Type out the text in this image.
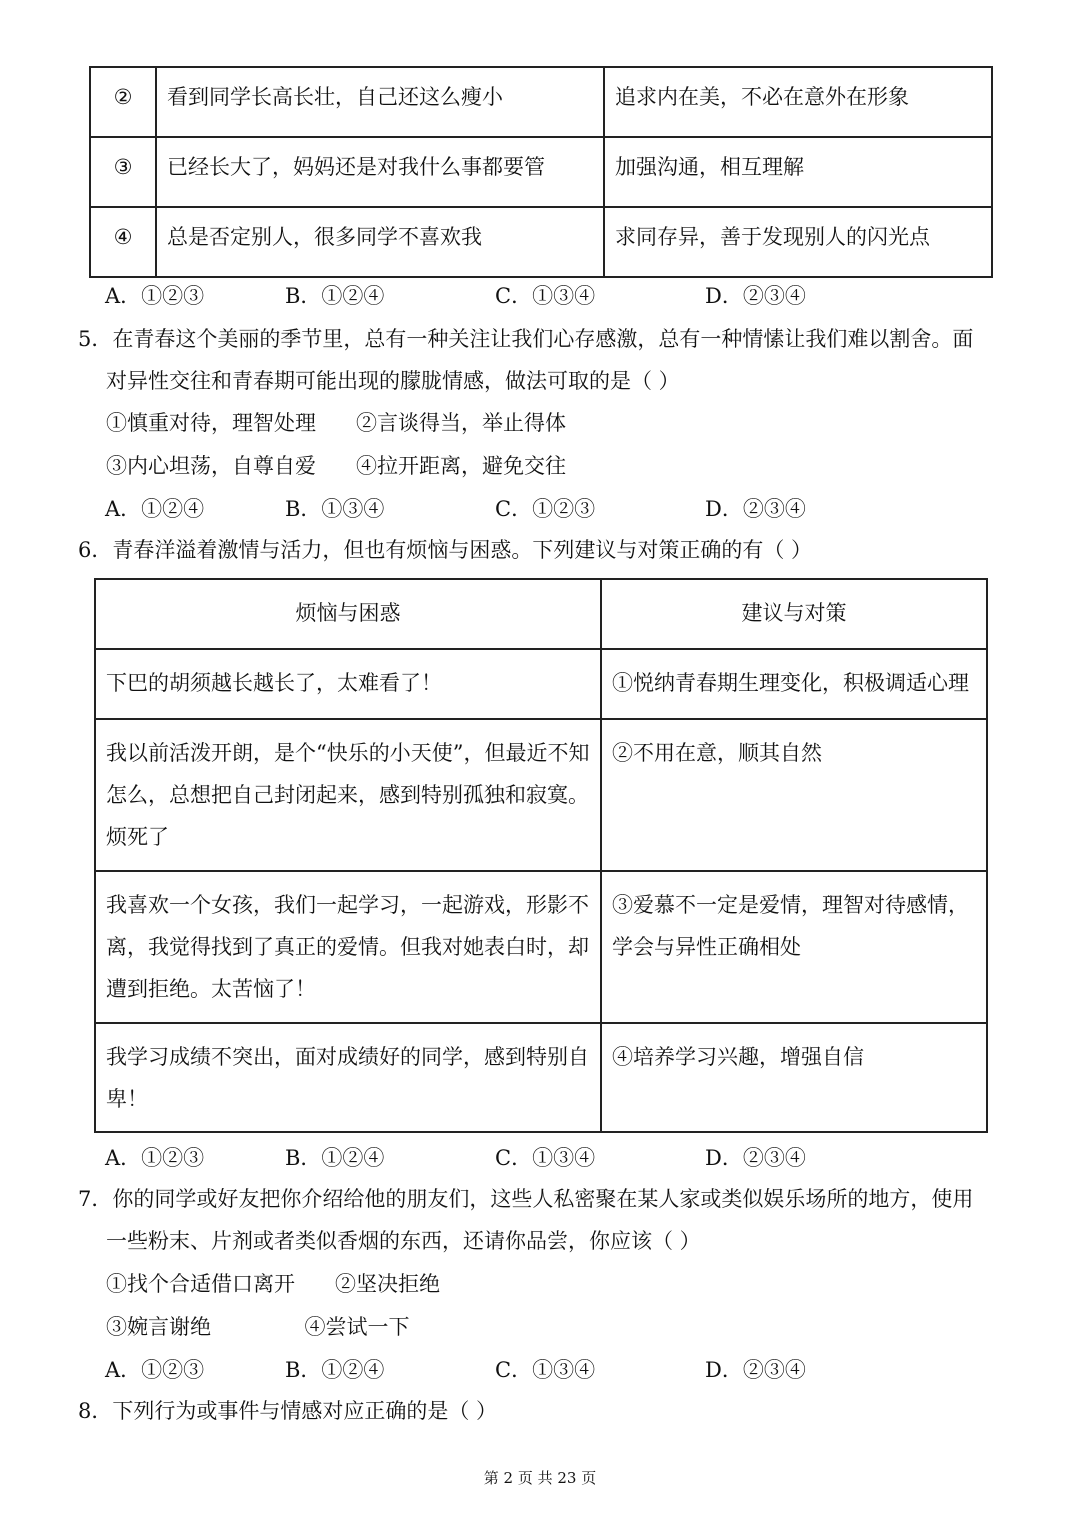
②	看到同学长高长壮，自己还这么瘦小	追求内在美，不必在意外在形象
③	已经长大了，妈妈还是对我什么事都要管	加强沟通，相互理解
④	总是否定别人，很多同学不喜欢我	求同存异，善于发现别人的闪光点
A．①②③	B．①②④	C．①③④	D．②③④
5．在青春这个美丽的季节里，总有一种关注让我们心存感激，总有一种情愫让我们难以割舍。面
对异性交往和青春期可能出现的朦胧情感，做法可取的是（ ）
①慎重对待，理智处理      ②言谈得当，举止得体
③内心坦荡，自尊自爱      ④拉开距离，避免交往
A．①②④	B．①③④	C．①②③	D．②③④
6．青春洋溢着激情与活力，但也有烦恼与困惑。下列建议与对策正确的有（ ）
烦恼与困惑	建议与对策
下巴的胡须越长越长了，太难看了！	①悦纳青春期生理变化，积极调适心理
我以前活泼开朗，是个“快乐的小天使”，但最近不知怎么，总想把自己封闭起来，感到特别孤独和寂寞。烦死了	②不用在意，顺其自然
我喜欢一个女孩，我们一起学习，一起游戏，形影不离，我觉得找到了真正的爱情。但我对她表白时，却遭到拒绝。太苦恼了！	③爱慕不一定是爱情，理智对待感情，学会与异性正确相处
我学习成绩不突出，面对成绩好的同学，感到特别自卑！	④培养学习兴趣，增强自信
A．①②③	B．①②④	C．①③④	D．②③④
7．你的同学或好友把你介绍给他的朋友们，这些人私密聚在某人家或类似娱乐场所的地方，使用
一些粉末、片剂或者类似香烟的东西，还请你品尝，你应该（ ）
①找个合适借口离开      ②坚决拒绝
③婉言谢绝              ④尝试一下
A．①②③	B．①②④	C．①③④	D．②③④
8．下列行为或事件与情感对应正确的是（ ）
第 2 页 共 23 页
